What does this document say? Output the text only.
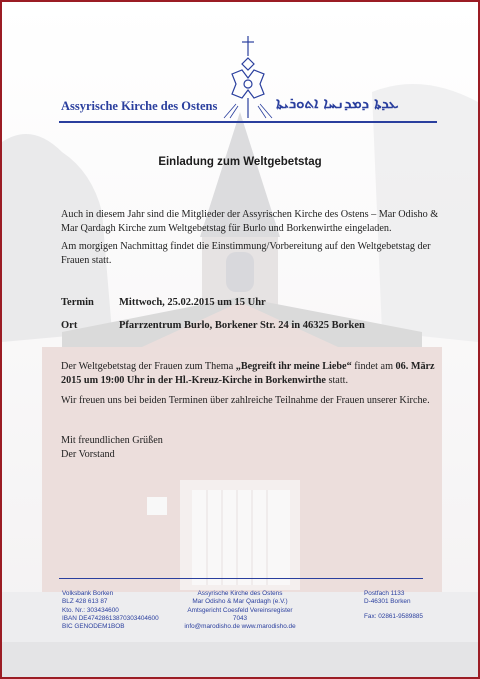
Assyrische Kirche des Ostens	ܥܕܬܐ ܕܡܕܢܚܐ ܐܬܘܪܝܬܐ
Einladung zum Weltgebetstag
Auch in diesem Jahr sind die Mitglieder der Assyrischen Kirche des Ostens – Mar Odisho &
Mar Qardagh Kirche zum Weltgebetstag für Burlo und Borkenwirthe eingeladen.
Am morgigen Nachmittag findet die Einstimmung/Vorbereitung auf den Weltgebetstag der
Frauen statt.
Termin Mittwoch, 25.02.2015 um 15 Uhr
Ort	Pfarrzentrum Burlo, Borkener Str. 24 in 46325 Borken
Der Weltgebetstag der Frauen zum Thema „Begreift ihr meine Liebe“ findet am 06. März
2015 um 19:00 Uhr in der Hl.-Kreuz-Kirche in Borkenwirthe statt.
Wir freuen uns bei beiden Terminen über zahlreiche Teilnahme der Frauen unserer Kirche.
Mit freundlichen Grüßen
Der Vorstand
Volksbank Borken
BLZ 428 613 87
Kto. Nr.: 303434600
IBAN DE47428613870303404600
BIC GENODEM1BOB
Assyrische Kirche des Ostens
Mar Odisho & Mar Qardagh (e.V.)
Amtsgericht Coesfeld Vereinsregister 7043
info@marodisho.de www.marodisho.de
Postfach 1133
D-46301 Borken
Fax: 02861-9589885
